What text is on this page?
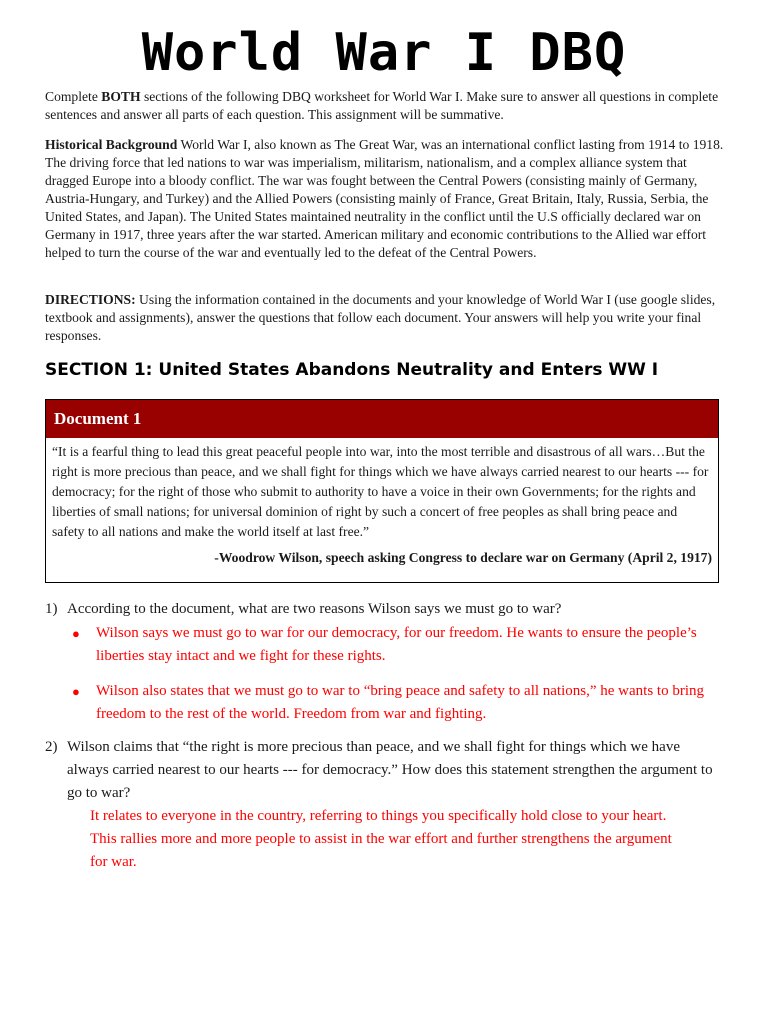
World War I DBQ

Complete BOTH sections of the following DBQ worksheet for World War I. Make sure to answer all questions in complete sentences and answer all parts of each question. This assignment will be summative.

Historical Background World War I, also known as The Great War, was an international conflict lasting from 1914 to 1918. The driving force that led nations to war was imperialism, militarism, nationalism, and a complex alliance system that dragged Europe into a bloody conflict. The war was fought between the Central Powers (consisting mainly of Germany, Austria-Hungary, and Turkey) and the Allied Powers (consisting mainly of France, Great Britain, Italy, Russia, Serbia, the United States, and Japan). The United States maintained neutrality in the conflict until the U.S officially declared war on Germany in 1917, three years after the war started. American military and economic contributions to the Allied war effort helped to turn the course of the war and eventually led to the defeat of the Central Powers.

DIRECTIONS: Using the information contained in the documents and your knowledge of World War I (use google slides, textbook and assignments), answer the questions that follow each document. Your answers will help you write your final responses.

SECTION 1: United States Abandons Neutrality and Enters WW I
Document 1

“It is a fearful thing to lead this great peaceful people into war, into the most terrible and disastrous of all wars…But the right is more precious than peace, and we shall fight for things which we have always carried nearest to our hearts --- for democracy; for the right of those who submit to authority to have a voice in their own Governments; for the rights and liberties of small nations; for universal dominion of right by such a concert of free peoples as shall bring peace and safety to all nations and make the world itself at last free.”

-Woodrow Wilson, speech asking Congress to declare war on Germany (April 2, 1917)
1) According to the document, what are two reasons Wilson says we must go to war?
● Wilson says we must go to war for our democracy, for our freedom. He wants to ensure the people’s liberties stay intact and we fight for these rights.
● Wilson also states that we must go to war to “bring peace and safety to all nations,” he wants to bring freedom to the rest of the world. Freedom from war and fighting.
2) Wilson claims that “the right is more precious than peace, and we shall fight for things which we have always carried nearest to our hearts --- for democracy.” How does this statement strengthen the argument to go to war?

It relates to everyone in the country, referring to things you specifically hold close to your heart. This rallies more and more people to assist in the war effort and further strengthens the argument for war.
